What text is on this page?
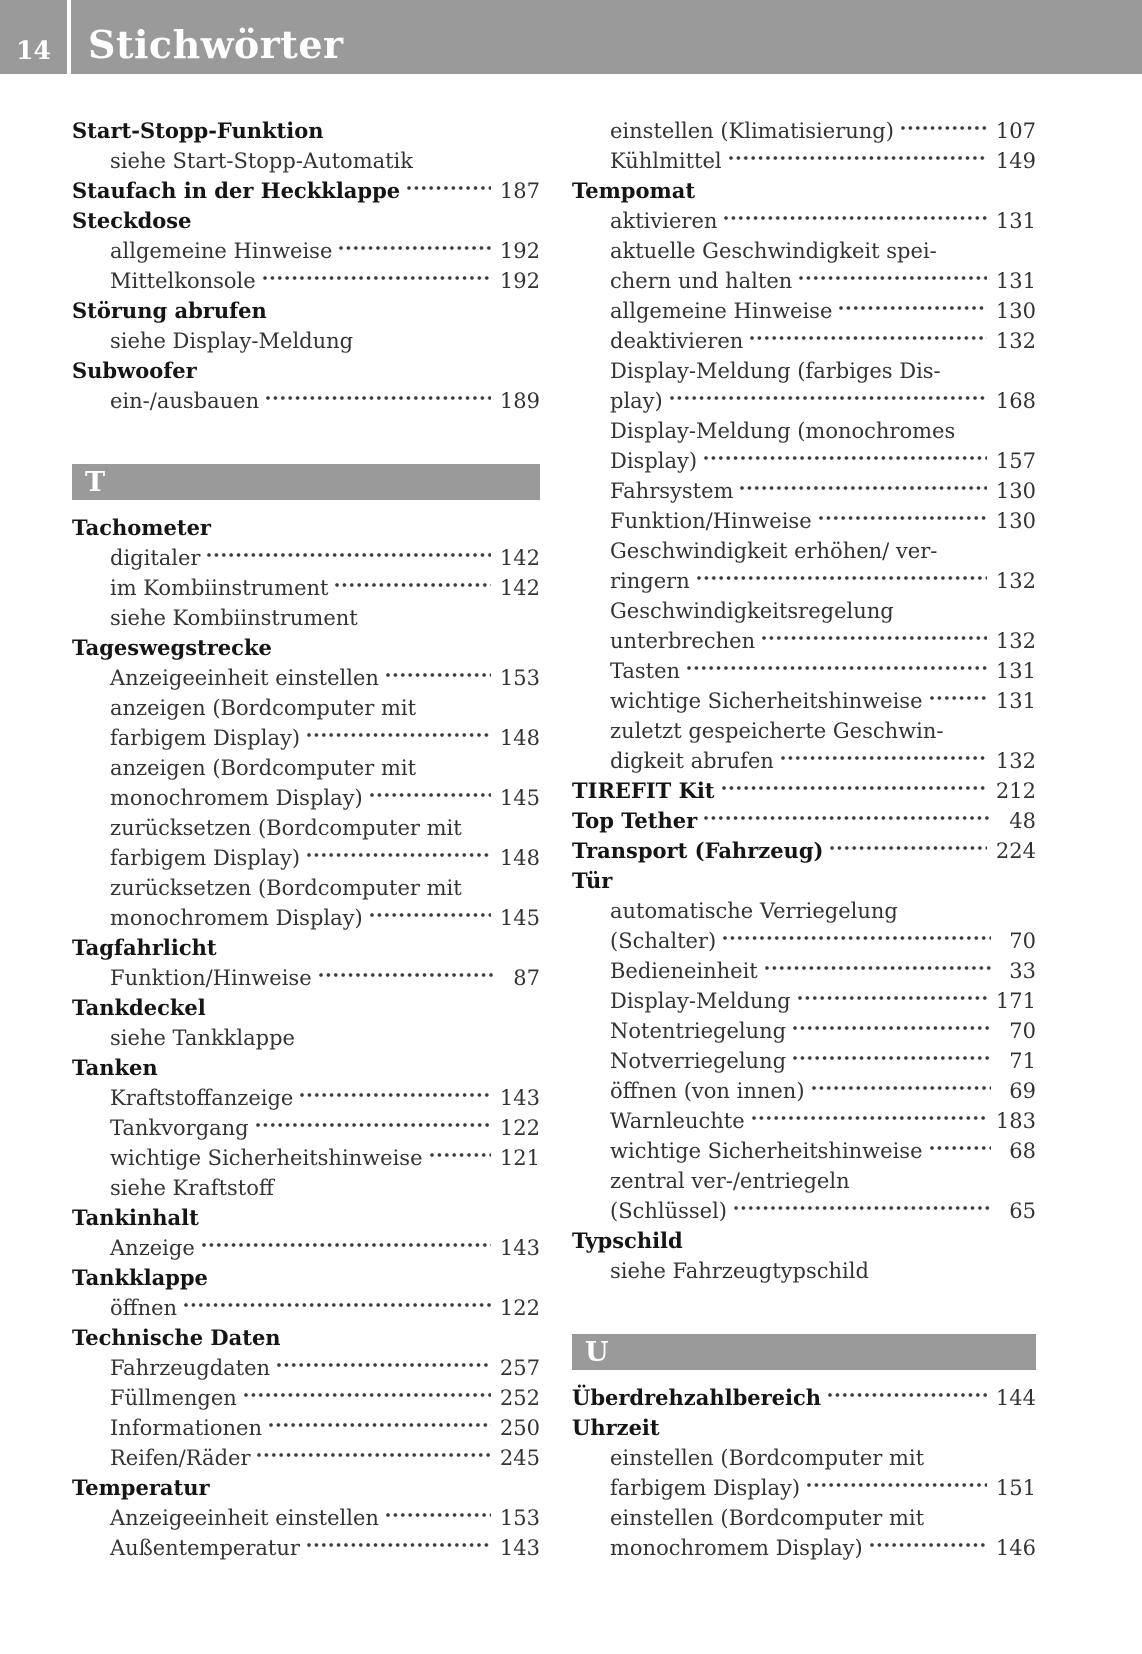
14 Stichwörter
Start-Stopp-Funktion
siehe Start-Stopp-Automatik
Staufach in der Heckklappe	187
Steckdose
allgemeine Hinweise	192
Mittelkonsole	192
Störung abrufen
siehe Display-Meldung
Subwoofer
ein-/ausbauen	189
T
Tachometer
digitaler	142
im Kombiinstrument	142
siehe Kombiinstrument
Tageswegstrecke
Anzeigeeinheit einstellen	153
anzeigen (Bordcomputer mit
farbigem Display)	148
anzeigen (Bordcomputer mit
monochromem Display)	145
zurücksetzen (Bordcomputer mit
farbigem Display)	148
zurücksetzen (Bordcomputer mit
monochromem Display)	145
Tagfahrlicht
Funktion/Hinweise	87
Tankdeckel
siehe Tankklappe
Tanken
Kraftstoffanzeige	143
Tankvorgang	122
wichtige Sicherheitshinweise	121
siehe Kraftstoff
Tankinhalt
Anzeige	143
Tankklappe
öffnen	122
Technische Daten
Fahrzeugdaten	257
Füllmengen	252
Informationen	250
Reifen/Räder	245
Temperatur
Anzeigeeinheit einstellen	153
Außentemperatur	143
einstellen (Klimatisierung)	107
Kühlmittel	149
Tempomat
aktivieren	131
aktuelle Geschwindigkeit spei-
chern und halten	131
allgemeine Hinweise	130
deaktivieren	132
Display-Meldung (farbiges Dis-
play)	168
Display-Meldung (monochromes
Display)	157
Fahrsystem	130
Funktion/Hinweise	130
Geschwindigkeit erhöhen/ ver-
ringern	132
Geschwindigkeitsregelung
unterbrechen	132
Tasten	131
wichtige Sicherheitshinweise	131
zuletzt gespeicherte Geschwin-
digkeit abrufen	132
TIREFIT Kit	212
Top Tether	48
Transport (Fahrzeug)	224
Tür
automatische Verriegelung
(Schalter)	70
Bedieneinheit	33
Display-Meldung	171
Notentriegelung	70
Notverriegelung	71
öffnen (von innen)	69
Warnleuchte	183
wichtige Sicherheitshinweise	68
zentral ver-/entriegeln
(Schlüssel)	65
Typschild
siehe Fahrzeugtypschild
U
Überdrehzahlbereich	144
Uhrzeit
einstellen (Bordcomputer mit
farbigem Display)	151
einstellen (Bordcomputer mit
monochromem Display)	146
